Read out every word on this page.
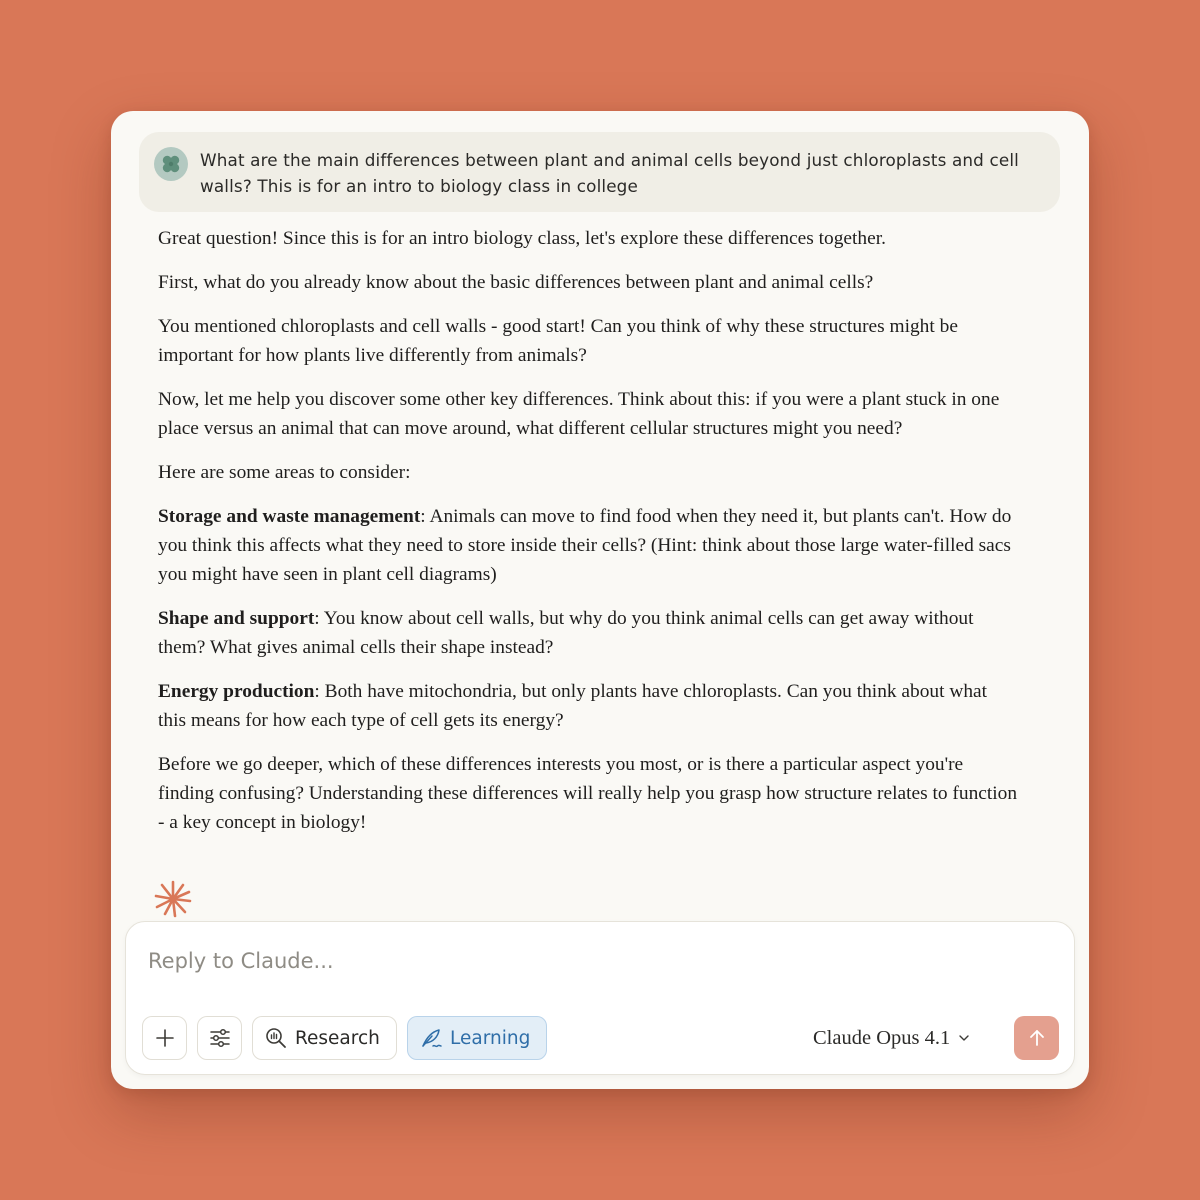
What are the main differences between plant and animal cells beyond just chloroplasts and cell walls? This is for an intro to biology class in college

Great question! Since this is for an intro biology class, let's explore these differences together.

First, what do you already know about the basic differences between plant and animal cells?

You mentioned chloroplasts and cell walls - good start! Can you think of why these structures might be important for how plants live differently from animals?

Now, let me help you discover some other key differences. Think about this: if you were a plant stuck in one place versus an animal that can move around, what different cellular structures might you need?

Here are some areas to consider:

Storage and waste management: Animals can move to find food when they need it, but plants can't. How do you think this affects what they need to store inside their cells? (Hint: think about those large water-filled sacs you might have seen in plant cell diagrams)

Shape and support: You know about cell walls, but why do you think animal cells can get away without them? What gives animal cells their shape instead?

Energy production: Both have mitochondria, but only plants have chloroplasts. Can you think about what this means for how each type of cell gets its energy?

Before we go deeper, which of these differences interests you most, or is there a particular aspect you're finding confusing? Understanding these differences will really help you grasp how structure relates to function - a key concept in biology!

Reply to Claude...
Research	Learning	Claude Opus 4.1
